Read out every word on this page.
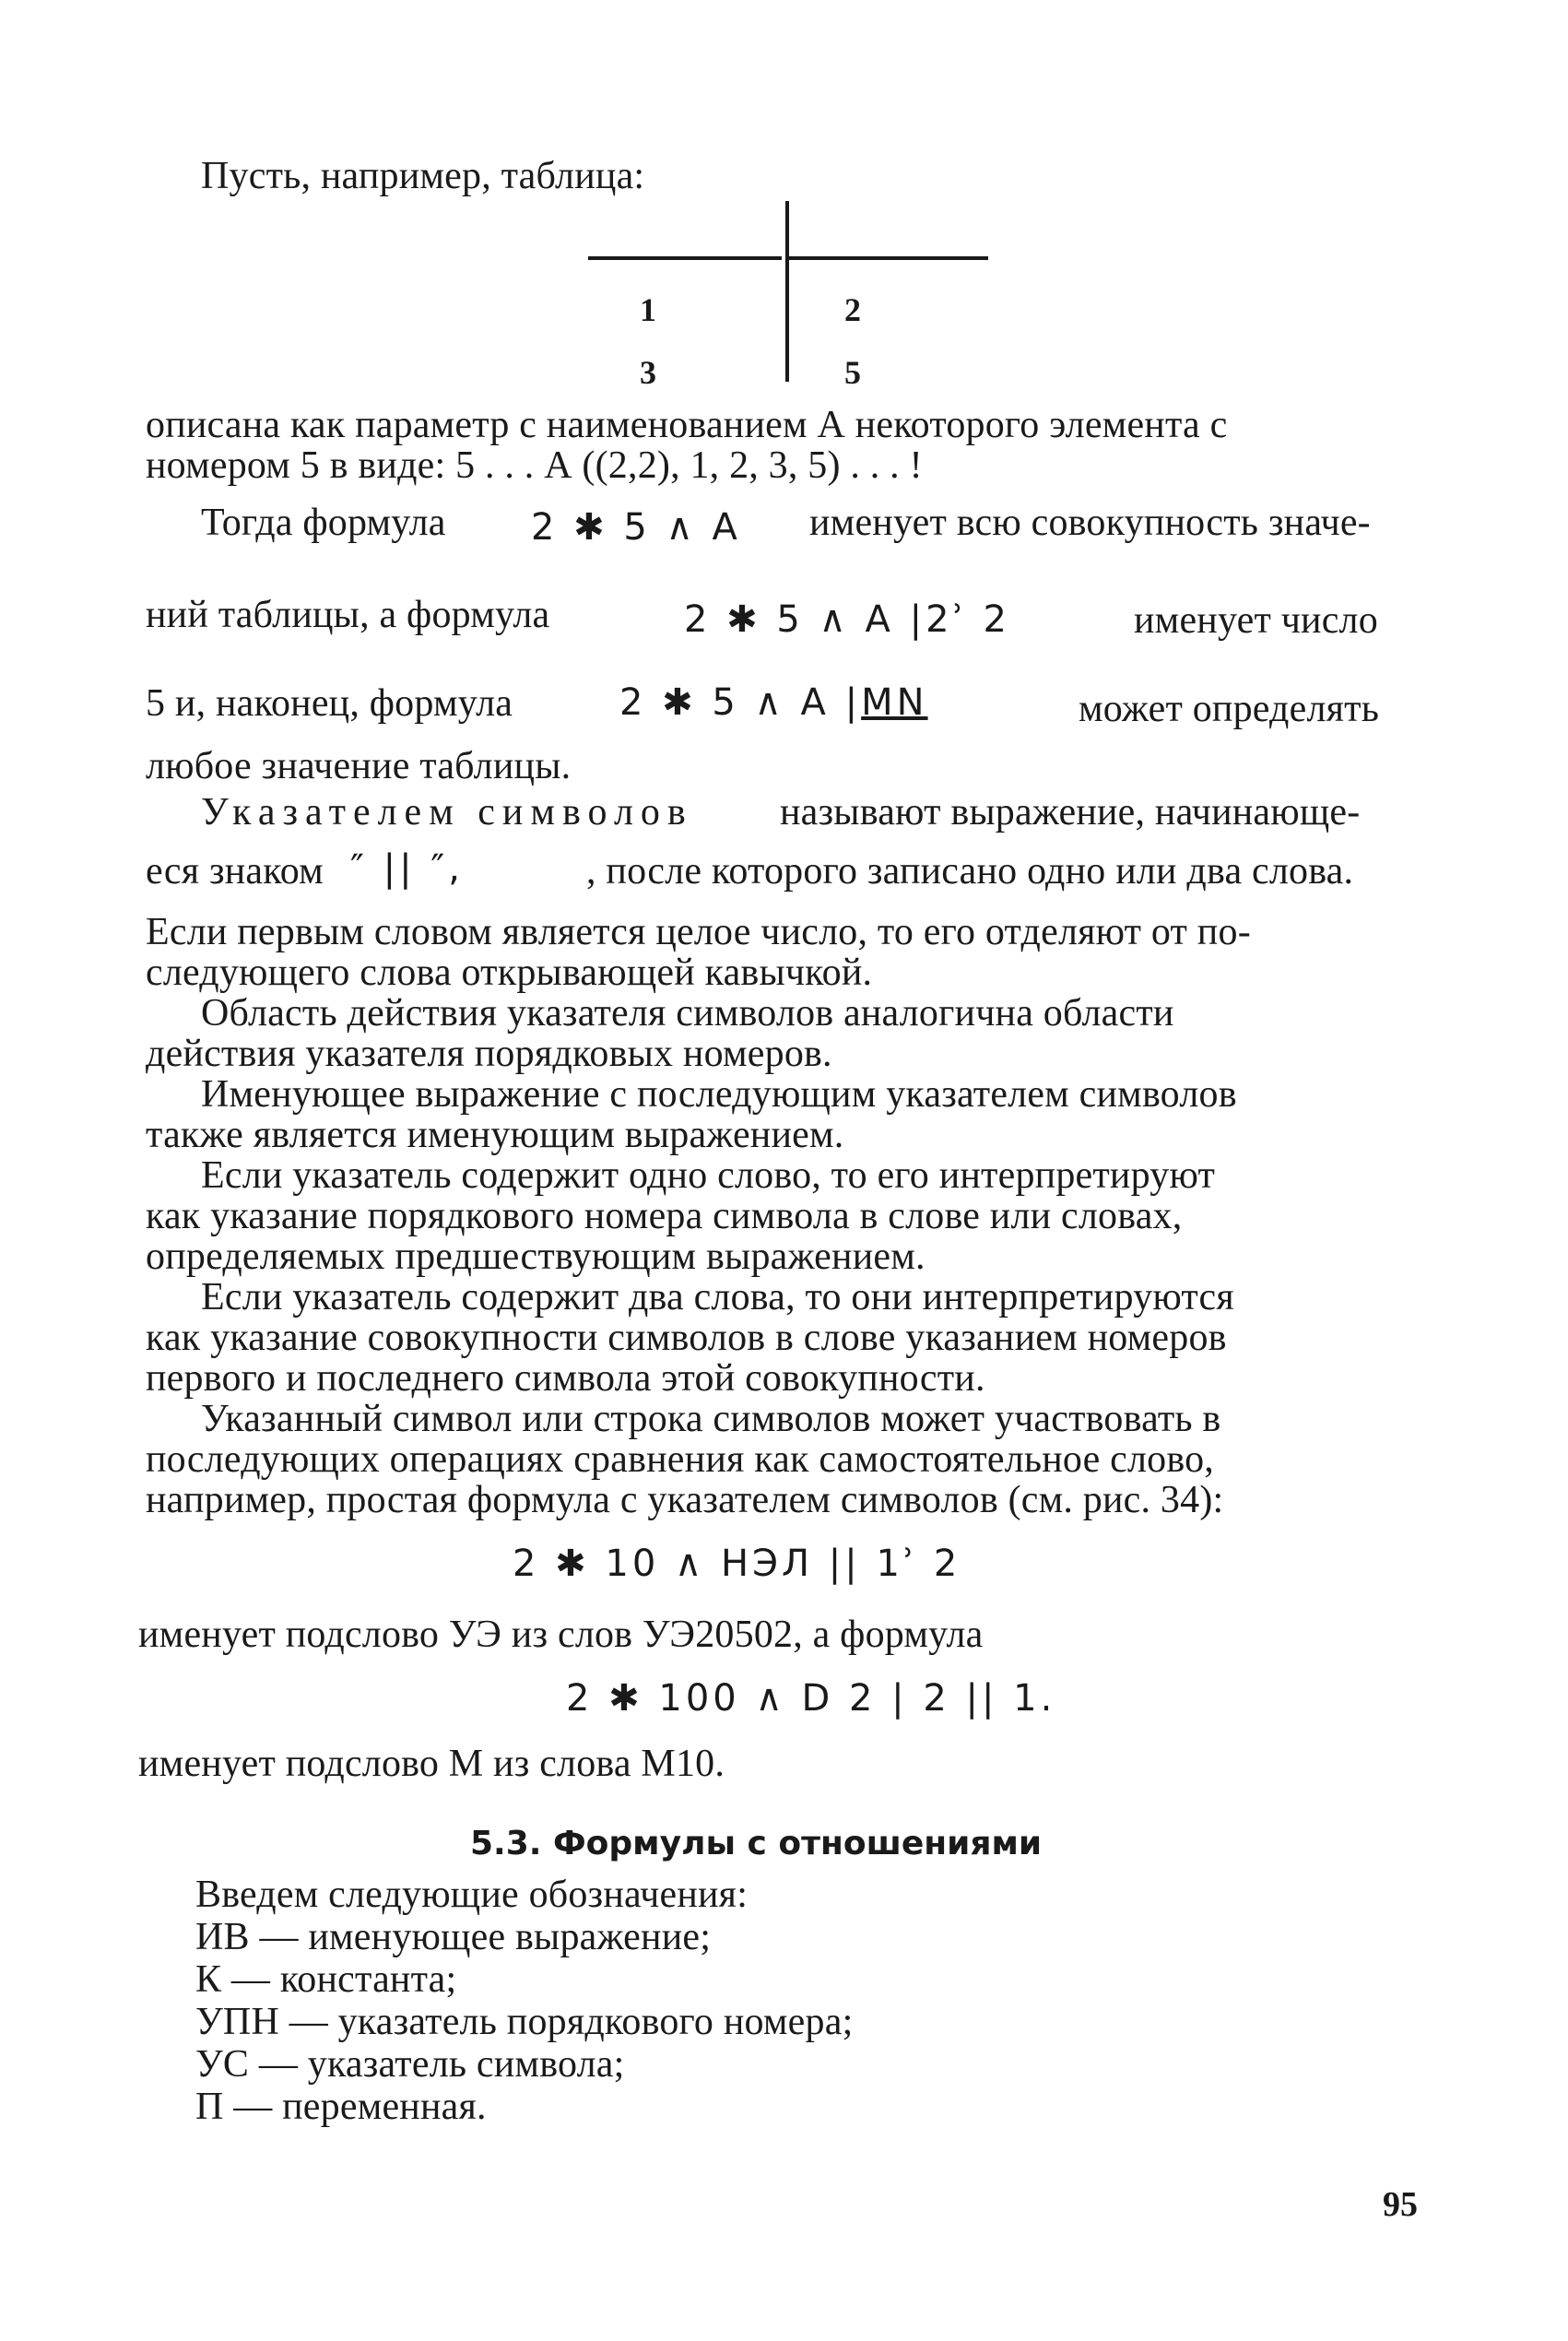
Пусть, например, таблица:
1	2
3	5
описана как параметр с наименованием А некоторого элемента с
номером 5 в виде: 5 . . . А ((2,2), 1, 2, 3, 5) . . . !
Тогда формула 2 ✱ 5 ∧ А именует всю совокупность значе-
ний таблицы, а формула	2 ✱ 5 ∧ А |2ʾ 2	именует число
5 и, наконец, формула	2 ✱ 5 ∧ А |MN	может определять
любое значение таблицы.
Указателем символов называют выражение, начинающе-
еся знаком ″ || ″,	, после которого записано одно или два слова.
Если первым словом является целое число, то его отделяют от по-
следующего слова открывающей кавычкой.
Область действия указателя символов аналогична области
действия указателя порядковых номеров.
Именующее выражение с последующим указателем символов
также является именующим выражением.
Если указатель содержит одно слово, то его интерпретируют
как указание порядкового номера символа в слове или словах,
определяемых предшествующим выражением.
Если указатель содержит два слова, то они интерпретируются
как указание совокупности символов в слове указанием номеров
первого и последнего символа этой совокупности.
Указанный символ или строка символов может участвовать в
последующих операциях сравнения как самостоятельное слово,
например, простая формула с указателем символов (см. рис. 34):
2 ✱ 10 ∧ НЭЛ || 1ʾ 2
именует подслово УЭ из слов УЭ20502, а формула
2 ✱ 100 ∧ D 2 | 2 || 1.
именует подслово М из слова М10.
5.3. Формулы с отношениями
Введем следующие обозначения:
ИВ — именующее выражение;
К — константа;
УПН — указатель порядкового номера;
УС — указатель символа;
П — переменная.
95
